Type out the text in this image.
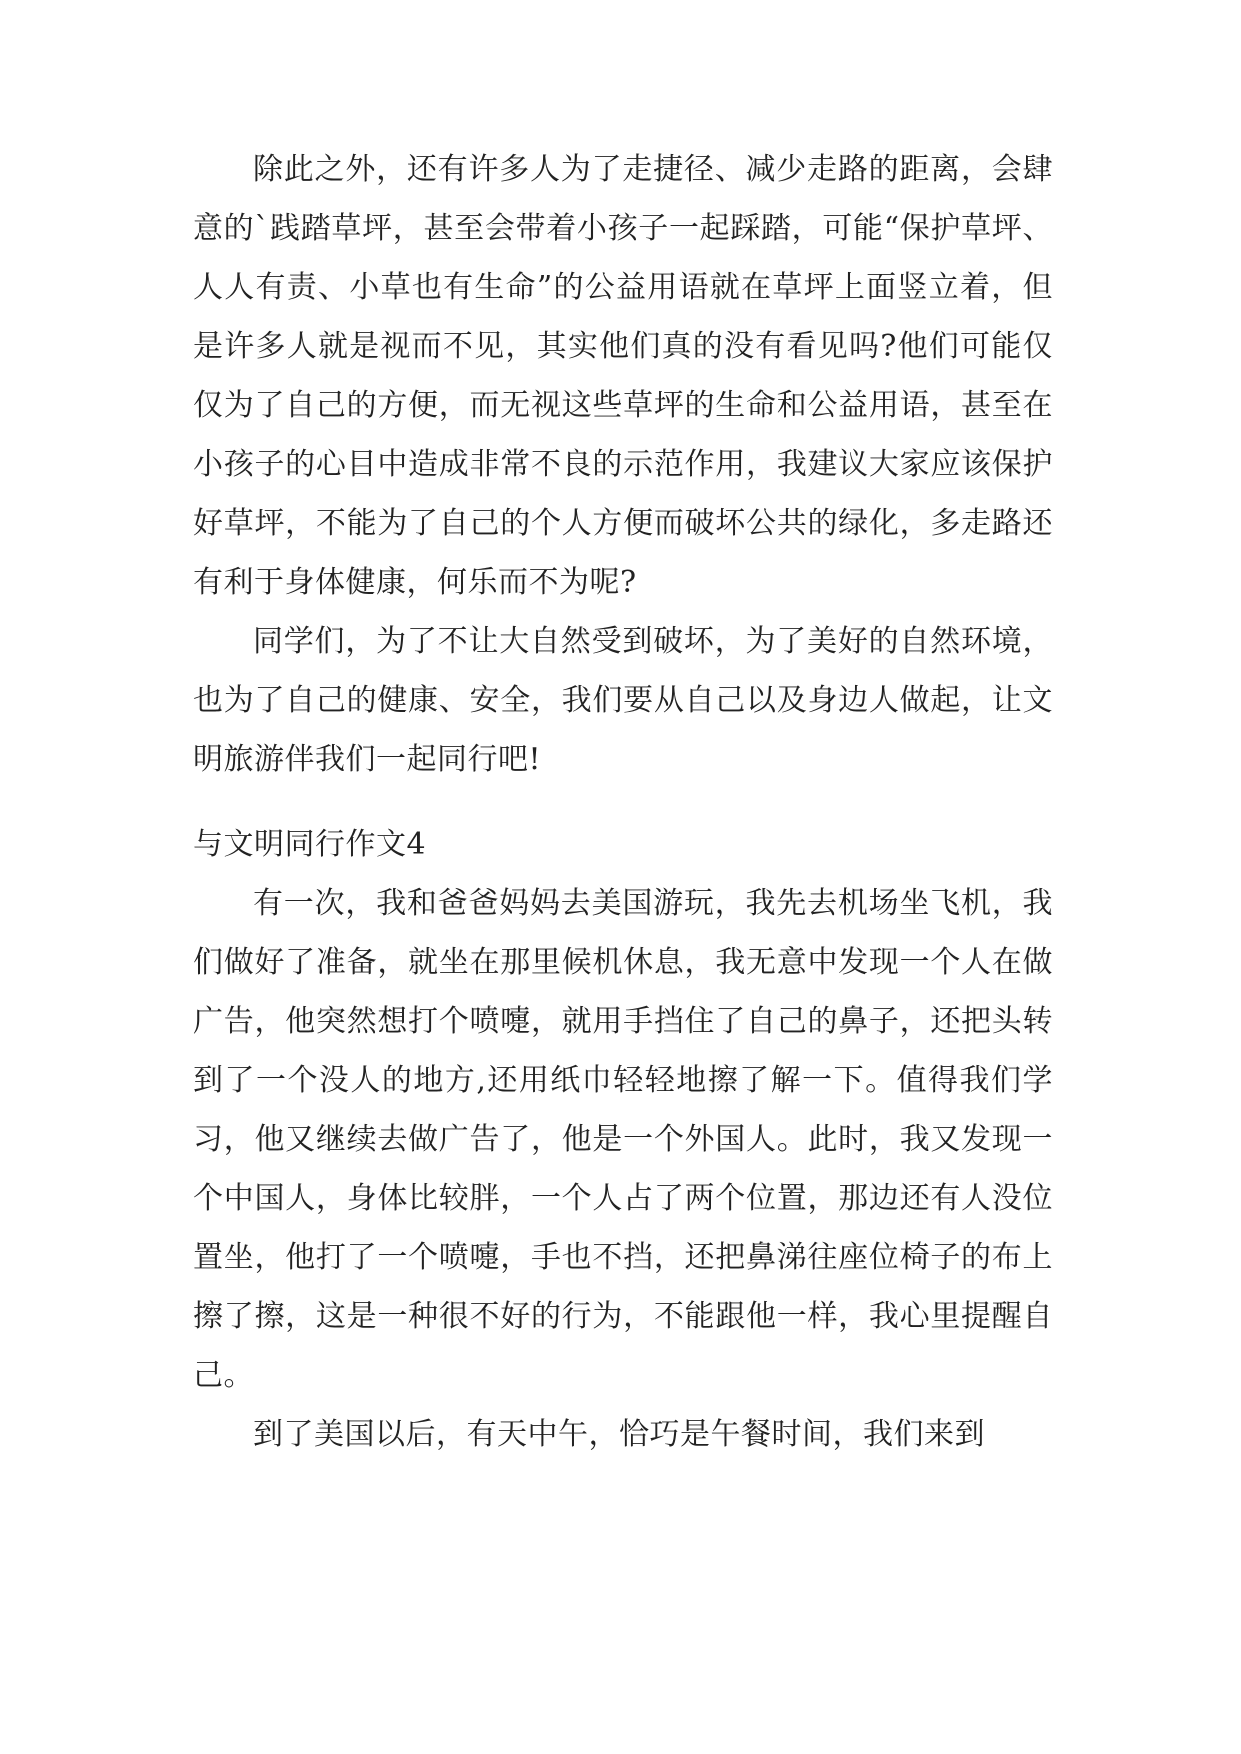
除此之外，还有许多人为了走捷径、减少走路的距离，会肆意的`践踏草坪，甚至会带着小孩子一起踩踏，可能“保护草坪、人人有责、小草也有生命”的公益用语就在草坪上面竖立着，但是许多人就是视而不见，其实他们真的没有看见吗?他们可能仅仅为了自己的方便，而无视这些草坪的生命和公益用语，甚至在小孩子的心目中造成非常不良的示范作用，我建议大家应该保护好草坪，不能为了自己的个人方便而破坏公共的绿化，多走路还有利于身体健康，何乐而不为呢?

同学们，为了不让大自然受到破坏，为了美好的自然环境，也为了自己的健康、安全，我们要从自己以及身边人做起，让文明旅游伴我们一起同行吧!

与文明同行作文4

有一次，我和爸爸妈妈去美国游玩，我先去机场坐飞机，我们做好了准备，就坐在那里候机休息，我无意中发现一个人在做广告，他突然想打个喷嚏，就用手挡住了自己的鼻子，还把头转到了一个没人的地方,还用纸巾轻轻地擦了解一下。值得我们学习，他又继续去做广告了，他是一个外国人。此时，我又发现一个中国人，身体比较胖，一个人占了两个位置，那边还有人没位置坐，他打了一个喷嚏，手也不挡，还把鼻涕往座位椅子的布上擦了擦，这是一种很不好的行为，不能跟他一样，我心里提醒自己。

到了美国以后，有天中午，恰巧是午餐时间，我们来到
